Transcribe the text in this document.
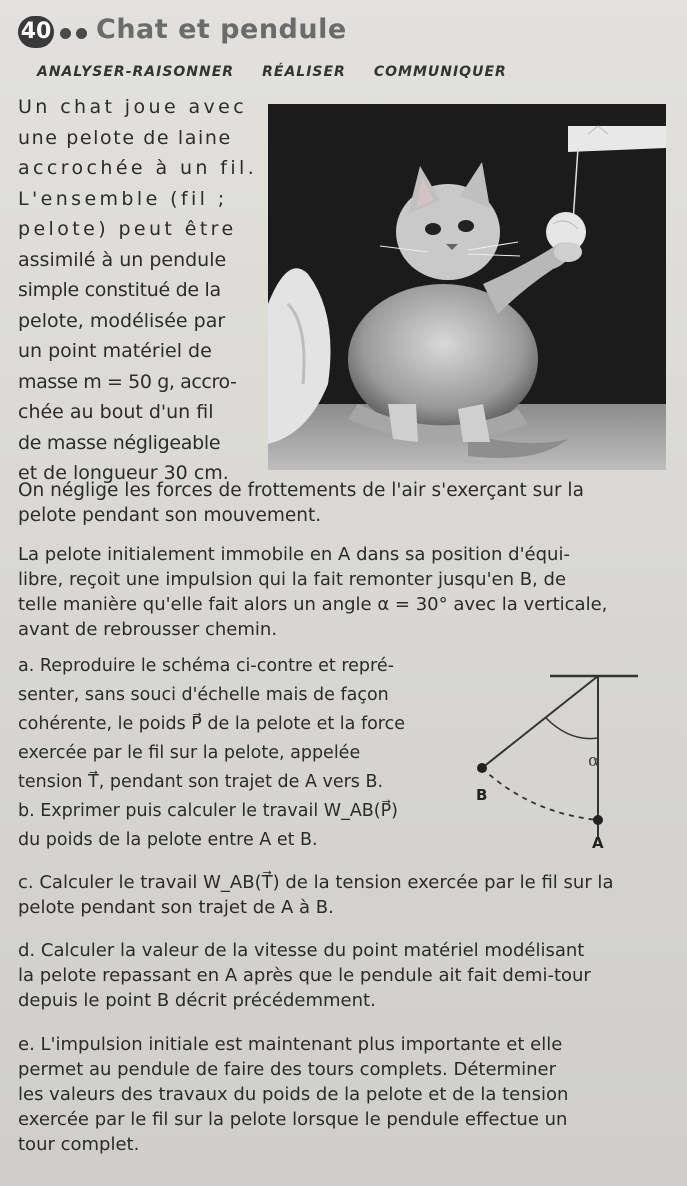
40 Chat et pendule
ANALYSER-RAISONNER RÉALISER COMMUNIQUER
Un chat joue avec
une pelote de laine
accrochée à un fil.
L'ensemble (fil ;
pelote) peut être
assimilé à un pendule
simple constitué de la
pelote, modélisée par
un point matériel de
masse m = 50 g, accro-
chée au bout d'un fil
de masse négligeable
et de longueur 30 cm.
On néglige les forces de frottements de l'air s'exerçant sur la
pelote pendant son mouvement.
La pelote initialement immobile en A dans sa position d'équi-
libre, reçoit une impulsion qui la fait remonter jusqu'en B, de
telle manière qu'elle fait alors un angle α = 30° avec la verticale,
avant de rebrousser chemin.
a. Reproduire le schéma ci-contre et repré-
senter, sans souci d'échelle mais de façon
cohérente, le poids P⃗ de la pelote et la force
exercée par le fil sur la pelote, appelée
tension T⃗, pendant son trajet de A vers B.
b. Exprimer puis calculer le travail W_AB(P⃗)
du poids de la pelote entre A et B.
α
B
A
c. Calculer le travail W_AB(T⃗) de la tension exercée par le fil sur la
pelote pendant son trajet de A à B.
d. Calculer la valeur de la vitesse du point matériel modélisant
la pelote repassant en A après que le pendule ait fait demi-tour
depuis le point B décrit précédemment.
e. L'impulsion initiale est maintenant plus importante et elle
permet au pendule de faire des tours complets. Déterminer
les valeurs des travaux du poids de la pelote et de la tension
exercée par le fil sur la pelote lorsque le pendule effectue un
tour complet.
